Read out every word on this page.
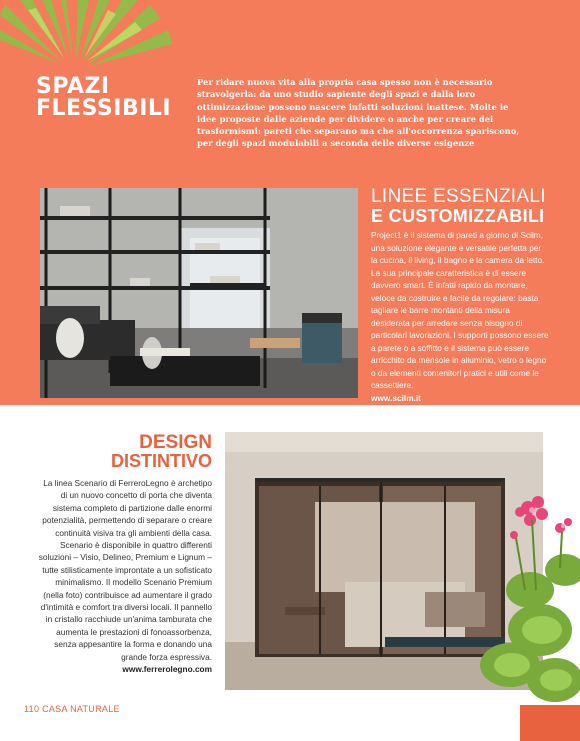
SPAZI
FLESSIBILI

Per ridare nuova vita alla propria casa spesso non è necessario stravolgerla: da uno studio sapiente degli spazi e dalla loro ottimizzazione possono nascere infatti soluzioni inattese. Molte le idee proposte dalle aziende per dividere o anche per creare dei trasformismi: pareti che separano ma che all'occorrenza spariscono, per degli spazi modulabili a seconda delle diverse esigenze

LINEE ESSENZIALI
E CUSTOMIZZABILI

Project1 è il sistema di pareti a giorno di Scilm, una soluzione elegante e versatile perfetta per la cucina, il living, il bagno e la camera da letto. La sua principale caratteristica è di essere davvero smart. È infatti rapido da montare, veloce da costruire e facile da regolare: basta tagliare le barre montanti della misura desiderata per arredare senza bisogno di particolari lavorazioni. I supporti possono essere a parete o a soffitto e il sistema può essere arricchito da mensole in alluminio, vetro o legno o da elementi contenitori pratici e utili come le cassettiere.
www.scilm.it

DESIGN
DISTINTIVO

La linea Scenario di FerreroLegno è archetipo di un nuovo concetto di porta che diventa sistema completo di partizione dalle enormi potenzialità, permettendo di separare o creare continuità visiva tra gli ambienti della casa. Scenario è disponibile in quattro differenti soluzioni – Visio, Delineo, Premium e Lignum – tutte stilisticamente improntate a un sofisticato minimalismo. Il modello Scenario Premium (nella foto) contribuisce ad aumentare il grado d'intimità e comfort tra diversi locali. Il pannello in cristallo racchiude un'anima tamburata che aumenta le prestazioni di fonoassorbenza, senza appesantire la forma e donando una grande forza espressiva.
www.ferrerolegno.com

110 CASA NATURALE
